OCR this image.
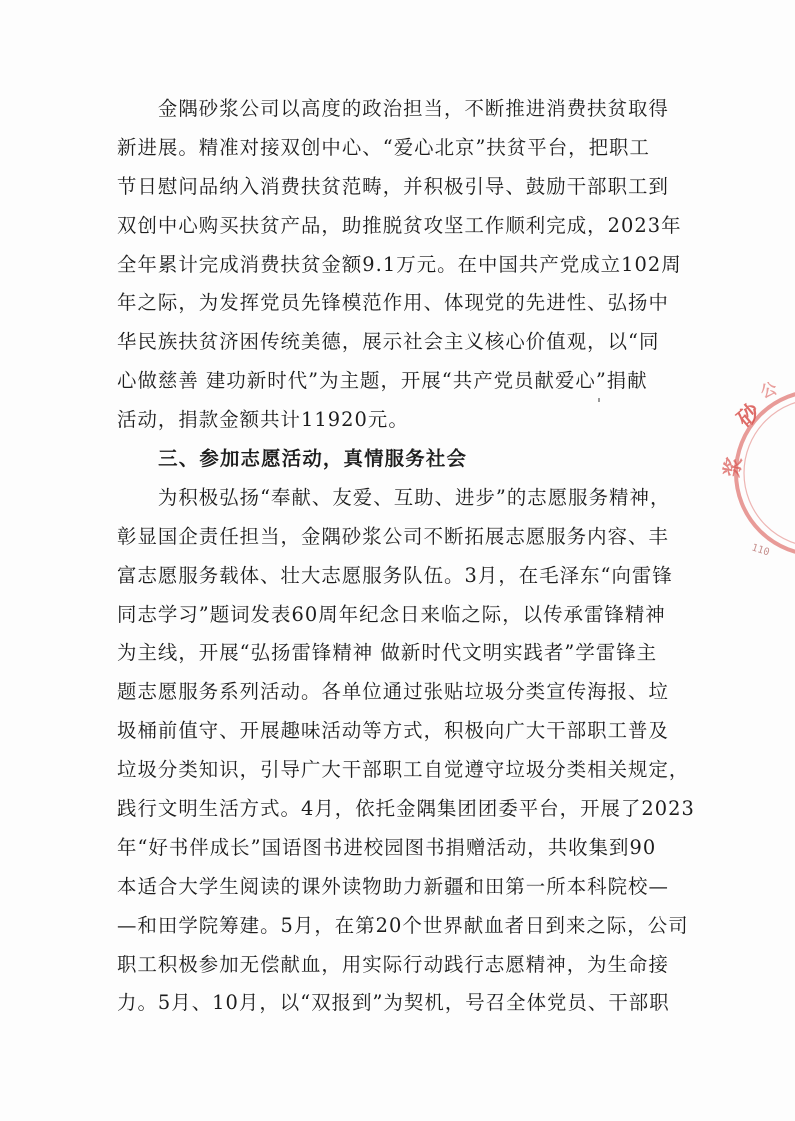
　　金隅砂浆公司以高度的政治担当，不断推进消费扶贫取得
新进展。精准对接双创中心、“爱心北京”扶贫平台，把职工
节日慰问品纳入消费扶贫范畴，并积极引导、鼓励干部职工到
双创中心购买扶贫产品，助推脱贫攻坚工作顺利完成，2023年
全年累计完成消费扶贫金额9.1万元。在中国共产党成立102周
年之际，为发挥党员先锋模范作用、体现党的先进性、弘扬中
华民族扶贫济困传统美德，展示社会主义核心价值观，以“同
心做慈善 建功新时代”为主题，开展“共产党员献爱心”捐献
活动，捐款金额共计11920元。
　　三、参加志愿活动，真情服务社会
　　为积极弘扬“奉献、友爱、互助、进步”的志愿服务精神，
彰显国企责任担当，金隅砂浆公司不断拓展志愿服务内容、丰
富志愿服务载体、壮大志愿服务队伍。3月，在毛泽东“向雷锋
同志学习”题词发表60周年纪念日来临之际，以传承雷锋精神
为主线，开展“弘扬雷锋精神 做新时代文明实践者”学雷锋主
题志愿服务系列活动。各单位通过张贴垃圾分类宣传海报、垃
圾桶前值守、开展趣味活动等方式，积极向广大干部职工普及
垃圾分类知识，引导广大干部职工自觉遵守垃圾分类相关规定，
践行文明生活方式。4月，依托金隅集团团委平台，开展了2023
年“好书伴成长”国语图书进校园图书捐赠活动，共收集到90
本适合大学生阅读的课外读物助力新疆和田第一所本科院校—
—和田学院筹建。5月，在第20个世界献血者日到来之际，公司
职工积极参加无偿献血，用实际行动践行志愿精神，为生命接
力。5月、10月，以“双报到”为契机，号召全体党员、干部职
砂
浆
公
110
